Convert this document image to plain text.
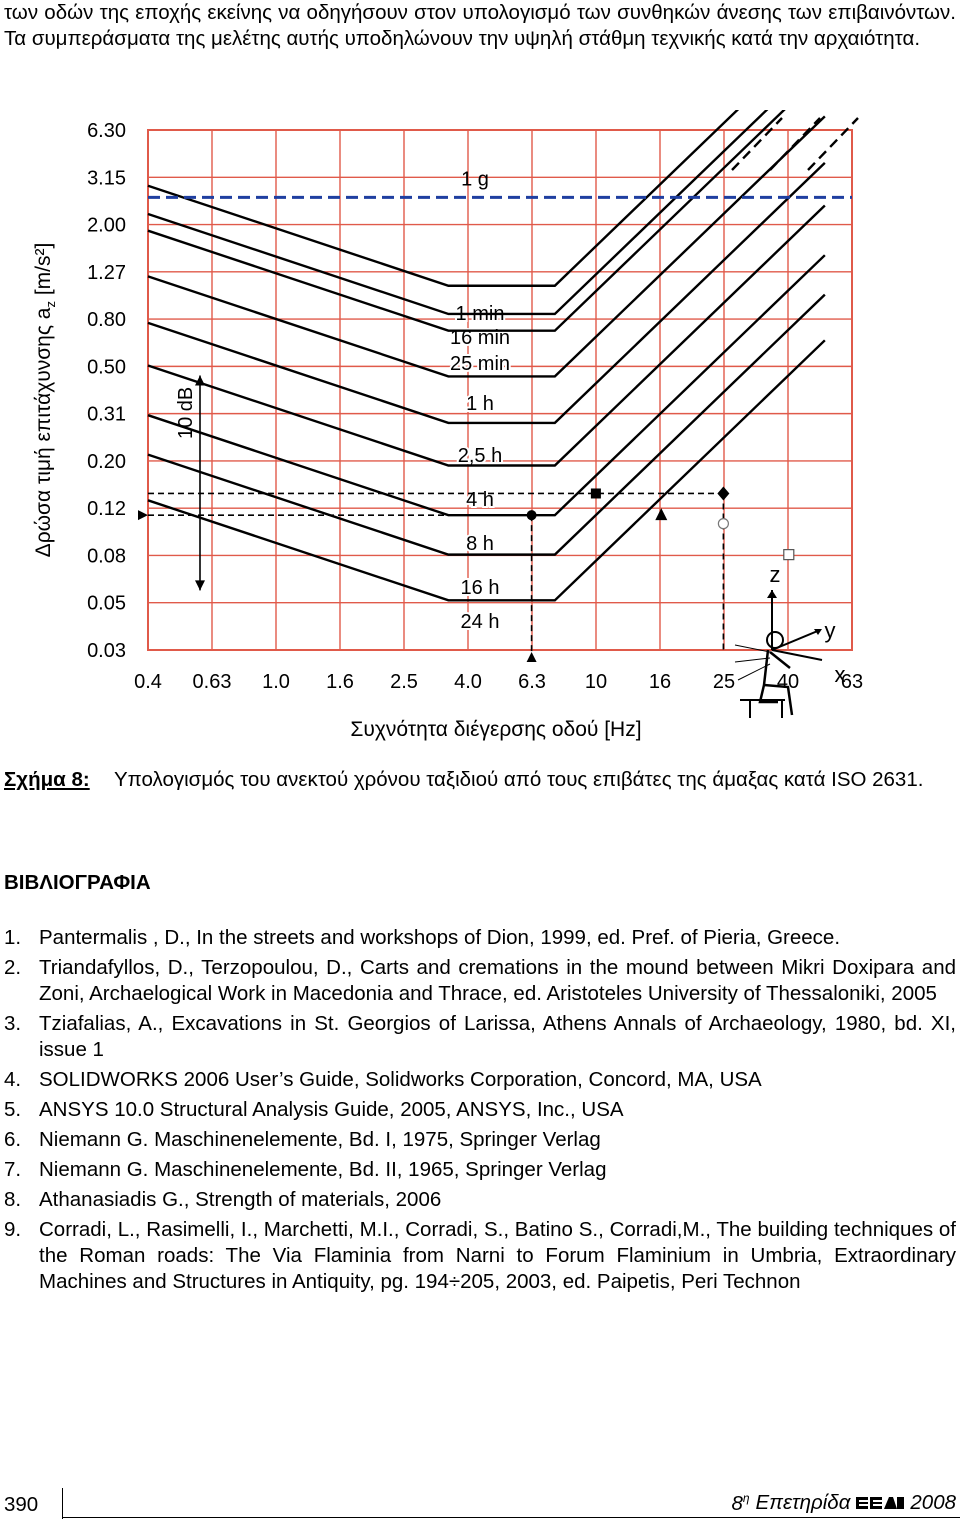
των οδών της εποχής εκείνης να οδηγήσουν στον υπολογισμό των συνθηκών άνεσης των επιβαινόντων. Τα συμπεράσματα της μελέτης αυτής υποδηλώνουν την υψηλή στάθμη τεχνικής κατά την αρχαιότητα.

1 min
16 min
25 min
1 h
2,5 h
4 h
8 h
16 h
24 h
0.4 0.63 1.0 1.6 2.5 4.0 6.3 10 16 25 40 63
6.30
3.15
2.00
1.27
0.80
0.50
0.31
0.20
0.12
0.08
0.05
0.03
Συχνότητα διέγερσης οδού [Hz]
Δρώσα τιμή επιτάχυνσης $a_z$ [m/s²]
1 g
10 dB
z
y
x
Σχήμα 8: Υπολογισμός του ανεκτού χρόνου ταξιδιού από τους επιβάτες της άμαξας κατά ISO 2631.
ΒΙΒΛΙΟΓΡΑΦΙΑ
1. Pantermalis , D., In the streets and workshops of Dion, 1999, ed. Pref. of Pieria, Greece.
2. Triandafyllos, D., Terzopoulou, D., Carts and cremations in the mound between Mikri Doxipara and Zoni, Archaelogical Work in Macedonia and Thrace, ed. Aristoteles University of Thessaloniki, 2005
3. Tziafalias, A., Excavations in St. Georgios of Larissa, Athens Annals of Archaeology, 1980, bd. XI, issue 1
4. SOLIDWORKS 2006 User’s Guide, Solidworks Corporation, Concord, MA, USA
5. ANSYS 10.0 Structural Analysis Guide, 2005, ANSYS, Inc., USA
6. Niemann G. Maschinenelemente, Bd. I, 1975, Springer Verlag
7. Niemann G. Maschinenelemente, Bd. II, 1965, Springer Verlag
8. Athanasiadis G., Strength of materials, 2006
9. Corradi, L., Rasimelli, I., Marchetti, M.I., Corradi, S., Batino S., Corradi,M., The building techniques of the Roman roads: The Via Flaminia from Narni to Forum Flaminium in Umbria, Extraordinary Machines and Structures in Antiquity, pg. 194÷205, 2003, ed. Paipetis, Peri Technon
390	$8^\eta$ Επετηρίδα	2008
